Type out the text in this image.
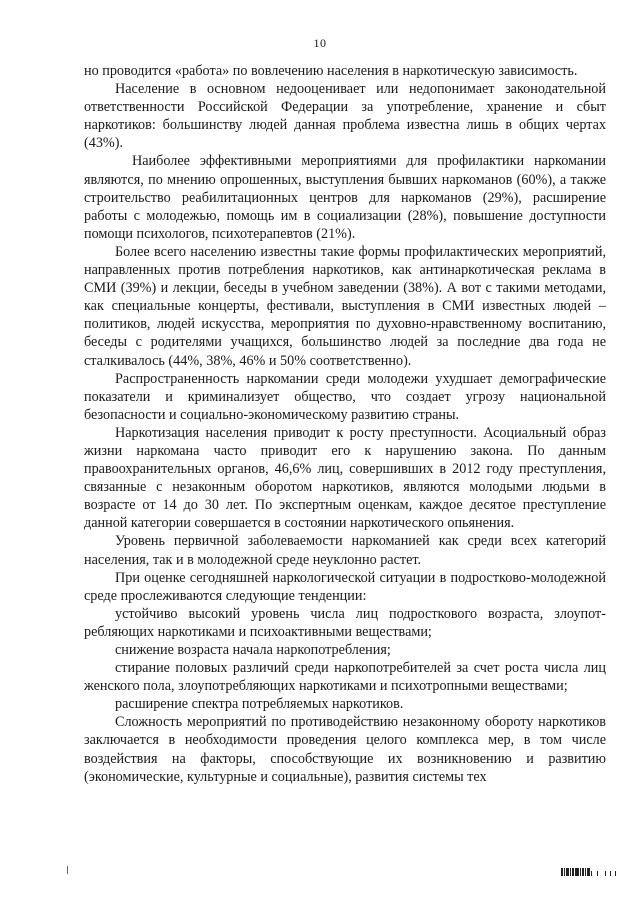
10

но проводится «работа» по вовлечению населения в наркотическую зависимость.

Население в основном недооценивает или недопонимает законодательной ответственности Российской Федерации за употребление, хранение и сбыт наркотиков: большинству людей данная проблема известна лишь в общих чертах (43%).

Наиболее эффективными мероприятиями для профилактики наркомании являются, по мнению опрошенных, выступления бывших наркоманов (60%), а также строительство реабилитационных центров для наркоманов (29%), расширение работы с молодежью, помощь им в социализации (28%), повышение доступности помощи психологов, психотерапевтов (21%).

Более всего населению известны такие формы профилактических мероприятий, направленных против потребления наркотиков, как антинаркотическая реклама в СМИ (39%) и лекции, беседы в учебном заведении (38%). А вот с такими методами, как специальные концерты, фестивали, выступления в СМИ известных людей – политиков, людей искусства, мероприятия по духовно-нравственному воспитанию, беседы с родителями учащихся, большинство людей за последние два года не сталкивалось (44%, 38%, 46% и 50% соответственно).

Распространенность наркомании среди молодежи ухудшает демографические показатели и криминализует общество, что создает угрозу национальной безопасности и социально-экономическому развитию страны.

Наркотизация населения приводит к росту преступности. Асоциальный образ жизни наркомана часто приводит его к нарушению закона. По данным правоохранительных органов, 46,6% лиц, совершивших в 2012 году преступления, связанные с незаконным оборотом наркотиков, являются молодыми людьми в возрасте от 14 до 30 лет. По экспертным оценкам, каждое десятое преступление данной категории совершается в состоянии наркотического опьянения.

Уровень первичной заболеваемости наркоманией как среди всех категорий населения, так и в молодежной среде неуклонно растет.

При оценке сегодняшней наркологической ситуации в подростково-молодежной среде прослеживаются следующие тенденции:

устойчиво высокий уровень числа лиц подросткового возраста, злоупотребляющих наркотиками и психоактивными веществами;

снижение возраста начала наркопотребления;

стирание половых различий среди наркопотребителей за счет роста числа лиц женского пола, злоупотребляющих наркотиками и психотропными веществами;

расширение спектра потребляемых наркотиков.

Сложность мероприятий по противодействию незаконному обороту наркотиков заключается в необходимости проведения целого комплекса мер, в том числе воздействия на факторы, способствующие их возникновению и развитию (экономические, культурные и социальные), развития системы тех
